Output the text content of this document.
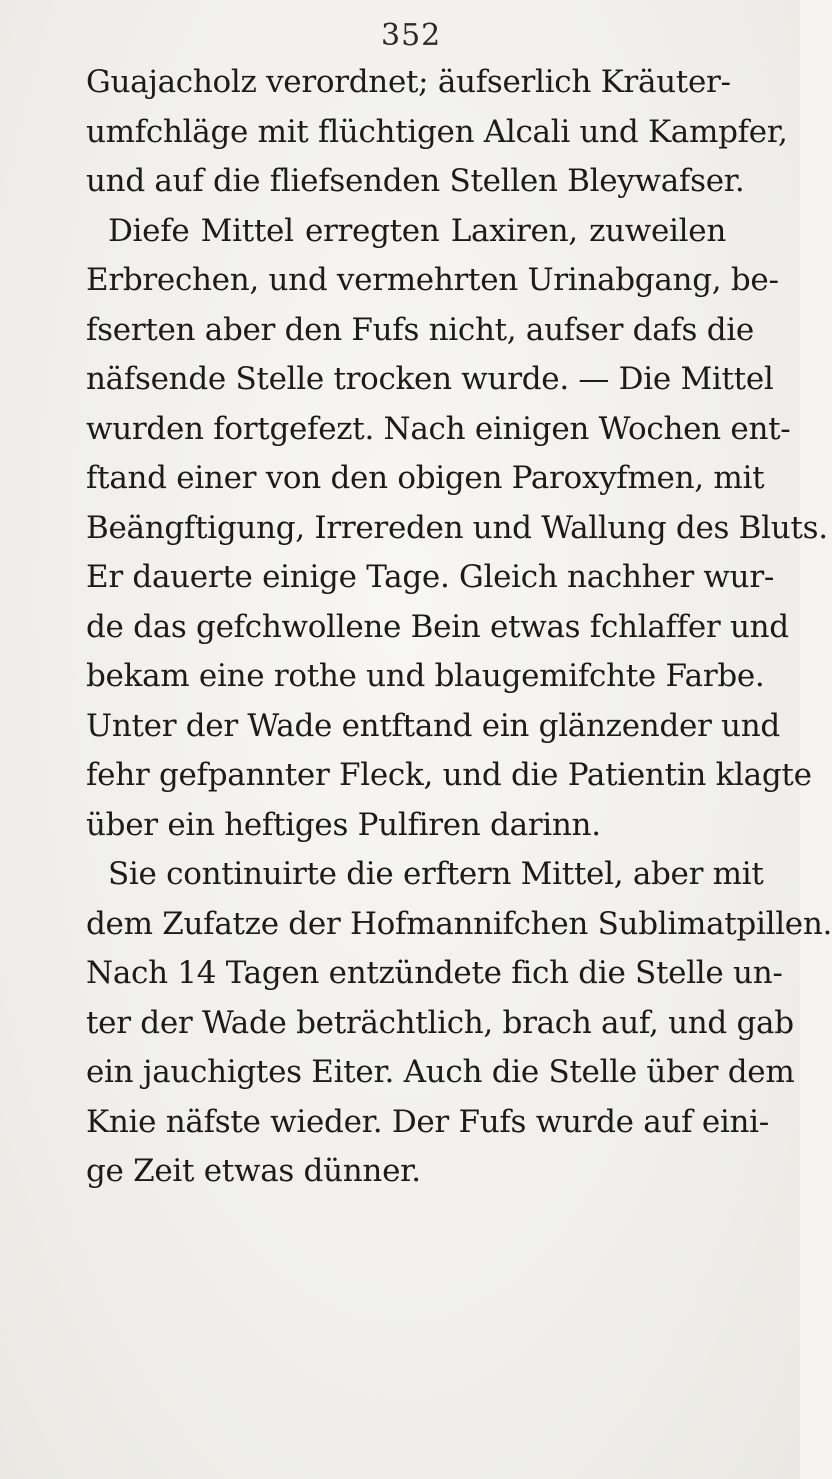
352
Guajacholz verordnet; äufserlich Kräuter-
umfchläge mit flüchtigen Alcali und Kampfer,
und auf die fliefsenden Stellen Bleywafser.
Diefe Mittel erregten Laxiren, zuweilen
Erbrechen, und vermehrten Urinabgang, be-
fserten aber den Fufs nicht, aufser dafs die
näfsende Stelle trocken wurde. — Die Mittel
wurden fortgefezt. Nach einigen Wochen ent-
ftand einer von den obigen Paroxyfmen, mit
Beängftigung, Irrereden und Wallung des Bluts.
Er dauerte einige Tage. Gleich nachher wur-
de das gefchwollene Bein etwas fchlaffer und
bekam eine rothe und blaugemifchte Farbe.
Unter der Wade entftand ein glänzender und
fehr gefpannter Fleck, und die Patientin klagte
über ein heftiges Pulfiren darinn.
Sie continuirte die erftern Mittel, aber mit
dem Zufatze der Hofmannifchen Sublimatpillen.
Nach 14 Tagen entzündete fich die Stelle un-
ter der Wade beträchtlich, brach auf, und gab
ein jauchigtes Eiter. Auch die Stelle über dem
Knie näfste wieder. Der Fufs wurde auf eini-
ge Zeit etwas dünner.
